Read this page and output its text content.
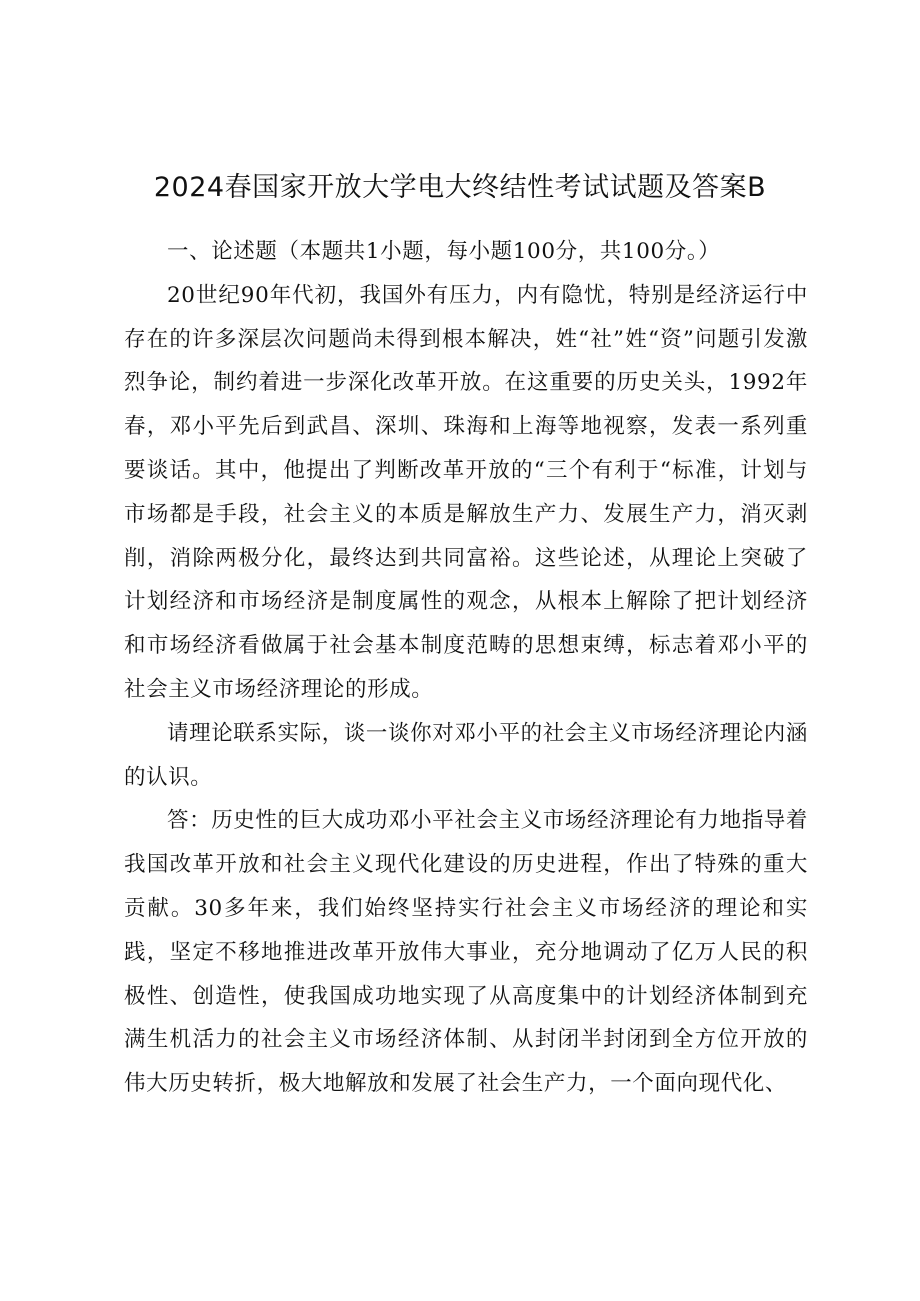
2024春国家开放大学电大终结性考试试题及答案B

一、论述题（本题共1小题，每小题100分，共100分。）

20世纪90年代初，我国外有压力，内有隐忧，特别是经济运行中存在的许多深层次问题尚未得到根本解决，姓“社”姓“资”问题引发激烈争论，制约着进一步深化改革开放。在这重要的历史关头，1992年春，邓小平先后到武昌、深圳、珠海和上海等地视察，发表一系列重要谈话。其中，他提出了判断改革开放的“三个有利于“标准，计划与市场都是手段，社会主义的本质是解放生产力、发展生产力，消灭剥削，消除两极分化，最终达到共同富裕。这些论述，从理论上突破了计划经济和市场经济是制度属性的观念，从根本上解除了把计划经济和市场经济看做属于社会基本制度范畴的思想束缚，标志着邓小平的社会主义市场经济理论的形成。

请理论联系实际，谈一谈你对邓小平的社会主义市场经济理论内涵的认识。

答：历史性的巨大成功邓小平社会主义市场经济理论有力地指导着我国改革开放和社会主义现代化建设的历史进程，作出了特殊的重大贡献。30多年来，我们始终坚持实行社会主义市场经济的理论和实践，坚定不移地推进改革开放伟大事业，充分地调动了亿万人民的积极性、创造性，使我国成功地实现了从高度集中的计划经济体制到充满生机活力的社会主义市场经济体制、从封闭半封闭到全方位开放的伟大历史转折，极大地解放和发展了社会生产力，一个面向现代化、
